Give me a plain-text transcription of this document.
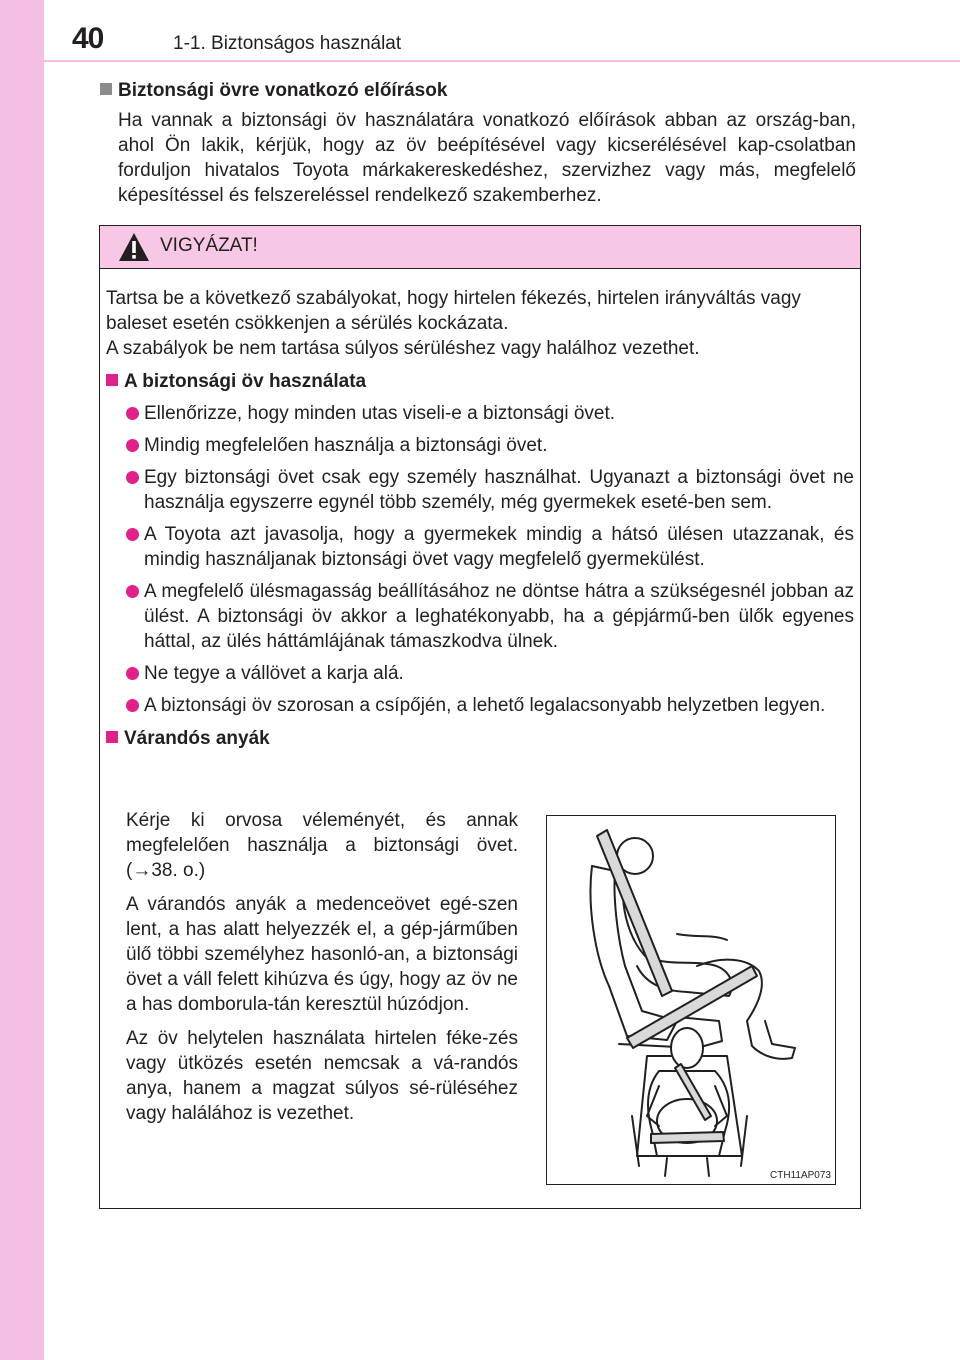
40	1-1. Biztonságos használat
Biztonsági övre vonatkozó előírások
Ha vannak a biztonsági öv használatára vonatkozó előírások abban az ország-ban, ahol Ön lakik, kérjük, hogy az öv beépítésével vagy kicserélésével kap-csolatban forduljon hivatalos Toyota márkakereskedéshez, szervizhez vagy más, megfelelő képesítéssel és felszereléssel rendelkező szakemberhez.
VIGYÁZAT!

Tartsa be a következő szabályokat, hogy hirtelen fékezés, hirtelen irányváltás vagy baleset esetén csökkenjen a sérülés kockázata.

A szabályok be nem tartása súlyos sérüléshez vagy halálhoz vezethet.

A biztonsági öv használata
Ellenőrizze, hogy minden utas viseli-e a biztonsági övet.
Mindig megfelelően használja a biztonsági övet.
Egy biztonsági övet csak egy személy használhat. Ugyanazt a biztonsági övet ne használja egyszerre egynél több személy, még gyermekek eseté-ben sem.
A Toyota azt javasolja, hogy a gyermekek mindig a hátsó ülésen utazzanak, és mindig használjanak biztonsági övet vagy megfelelő gyermekülést.
A megfelelő ülésmagasság beállításához ne döntse hátra a szükségesnél jobban az ülést. A biztonsági öv akkor a leghatékonyabb, ha a gépjármű-ben ülők egyenes háttal, az ülés háttámlájának támaszkodva ülnek.
Ne tegye a vállövet a karja alá.
A biztonsági öv szorosan a csípőjén, a lehető legalacsonyabb helyzetben legyen.
Várandós anyák

Kérje ki orvosa véleményét, és annak megfelelően használja a biztonsági övet. (→38. o.)

A várandós anyák a medenceövet egé-szen lent, a has alatt helyezzék el, a gép-járműben ülő többi személyhez hasonló-an, a biztonsági övet a váll felett kihúzva és úgy, hogy az öv ne a has domborula-tán keresztül húzódjon.

Az öv helytelen használata hirtelen féke-zés vagy ütközés esetén nemcsak a vá-randós anya, hanem a magzat súlyos sé-rüléséhez vagy halálához is vezethet.

CTH11AP073
